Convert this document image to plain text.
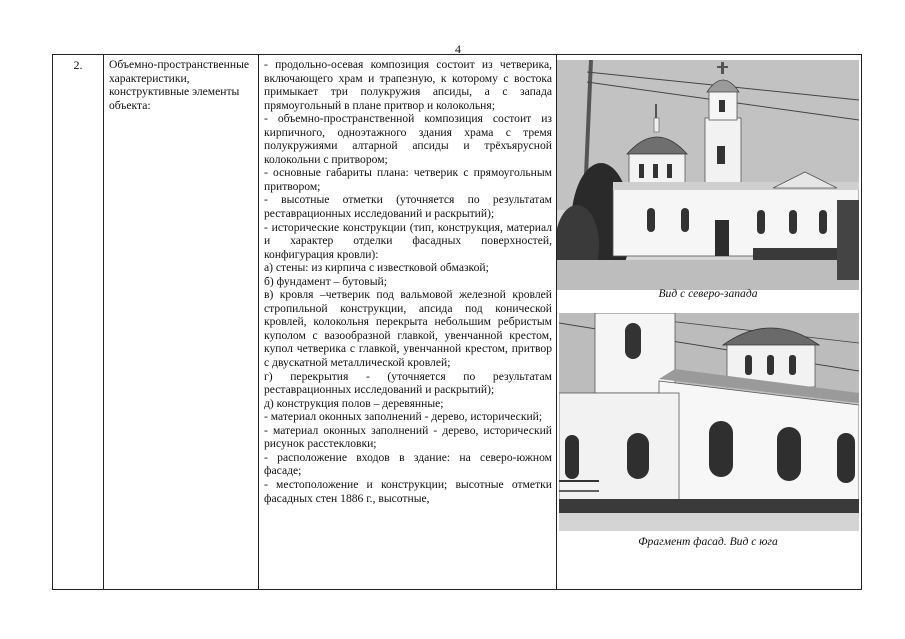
4
2.	Объемно-пространственные характеристики, конструктивные элементы объекта:

- продольно-осевая композиция состоит из четверика, включающего храм и трапезную, к которому с востока примыкает три полукружия апсиды, а с запада прямоугольный в плане притвор и колокольня;

- объемно-пространственной композиция состоит из кирпичного, одноэтажного здания храма с тремя полукружиями алтарной апсиды и трёхъярусной колокольни с притвором;

- основные габариты плана: четверик с прямоугольным притвором;

- высотные отметки (уточняется по результатам реставрационных исследований и раскрытий);

- исторические конструкции (тип, конструкция, материал и характер отделки фасадных поверхностей, конфигурация кровли):

а) стены: из кирпича с известковой обмазкой;

б) фундамент – бутовый;

в) кровля –четверик под вальмовой железной кровлей стропильной конструкции, апсида под конической кровлей, колокольня перекрыта небольшим ребристым куполом с вазообразной главкой, увенчанной крестом, купол четверика с главкой, увенчанной крестом, притвор с двускатной металлической кровлей;

г) перекрытия - (уточняется по результатам реставрационных исследований и раскрытий);

д) конструкция полов – деревянные;

- материал оконных заполнений - дерево, исторический;

- материал оконных заполнений - дерево, исторический рисунок расстекловки;

- расположение входов в здание: на северо-южном фасаде;

- местоположение и конструкции; высотные отметки фасадных стен 1886 г., высотные,

Вид с северо-запада
Фрагмент фасад. Вид с юга
